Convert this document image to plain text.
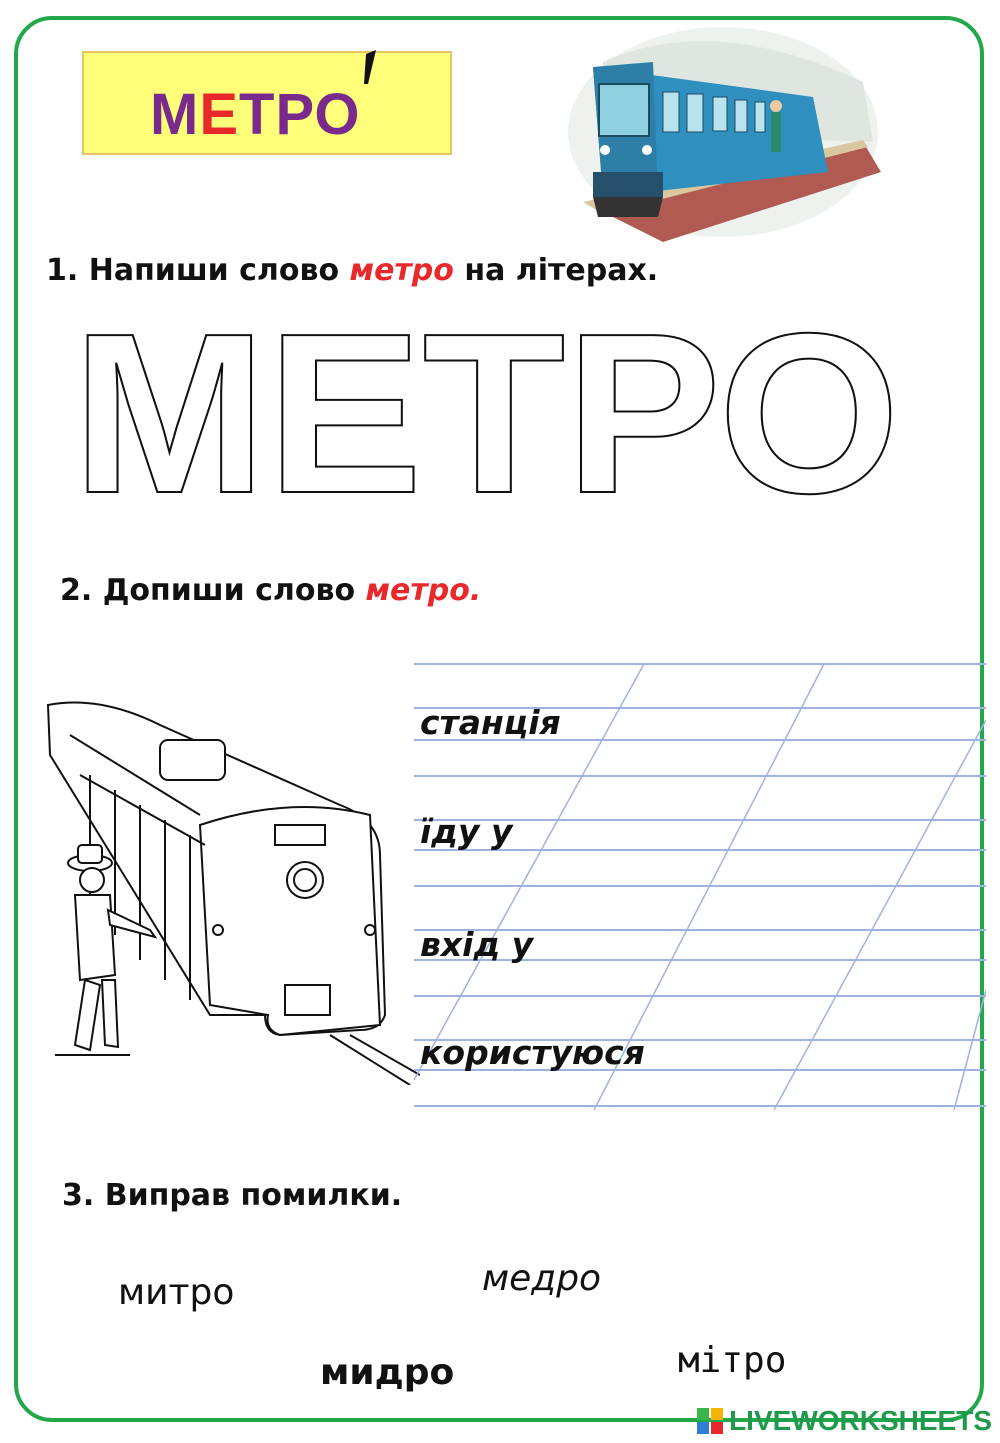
МЕТРО
1. Напиши слово метро на літерах.
МЕТРО
2. Допиши слово метро.
станція
їду у
вхід у
користуюся
3. Виправ помилки.
митро	медро
мидро	мітро
LIVEWORKSHEETS
